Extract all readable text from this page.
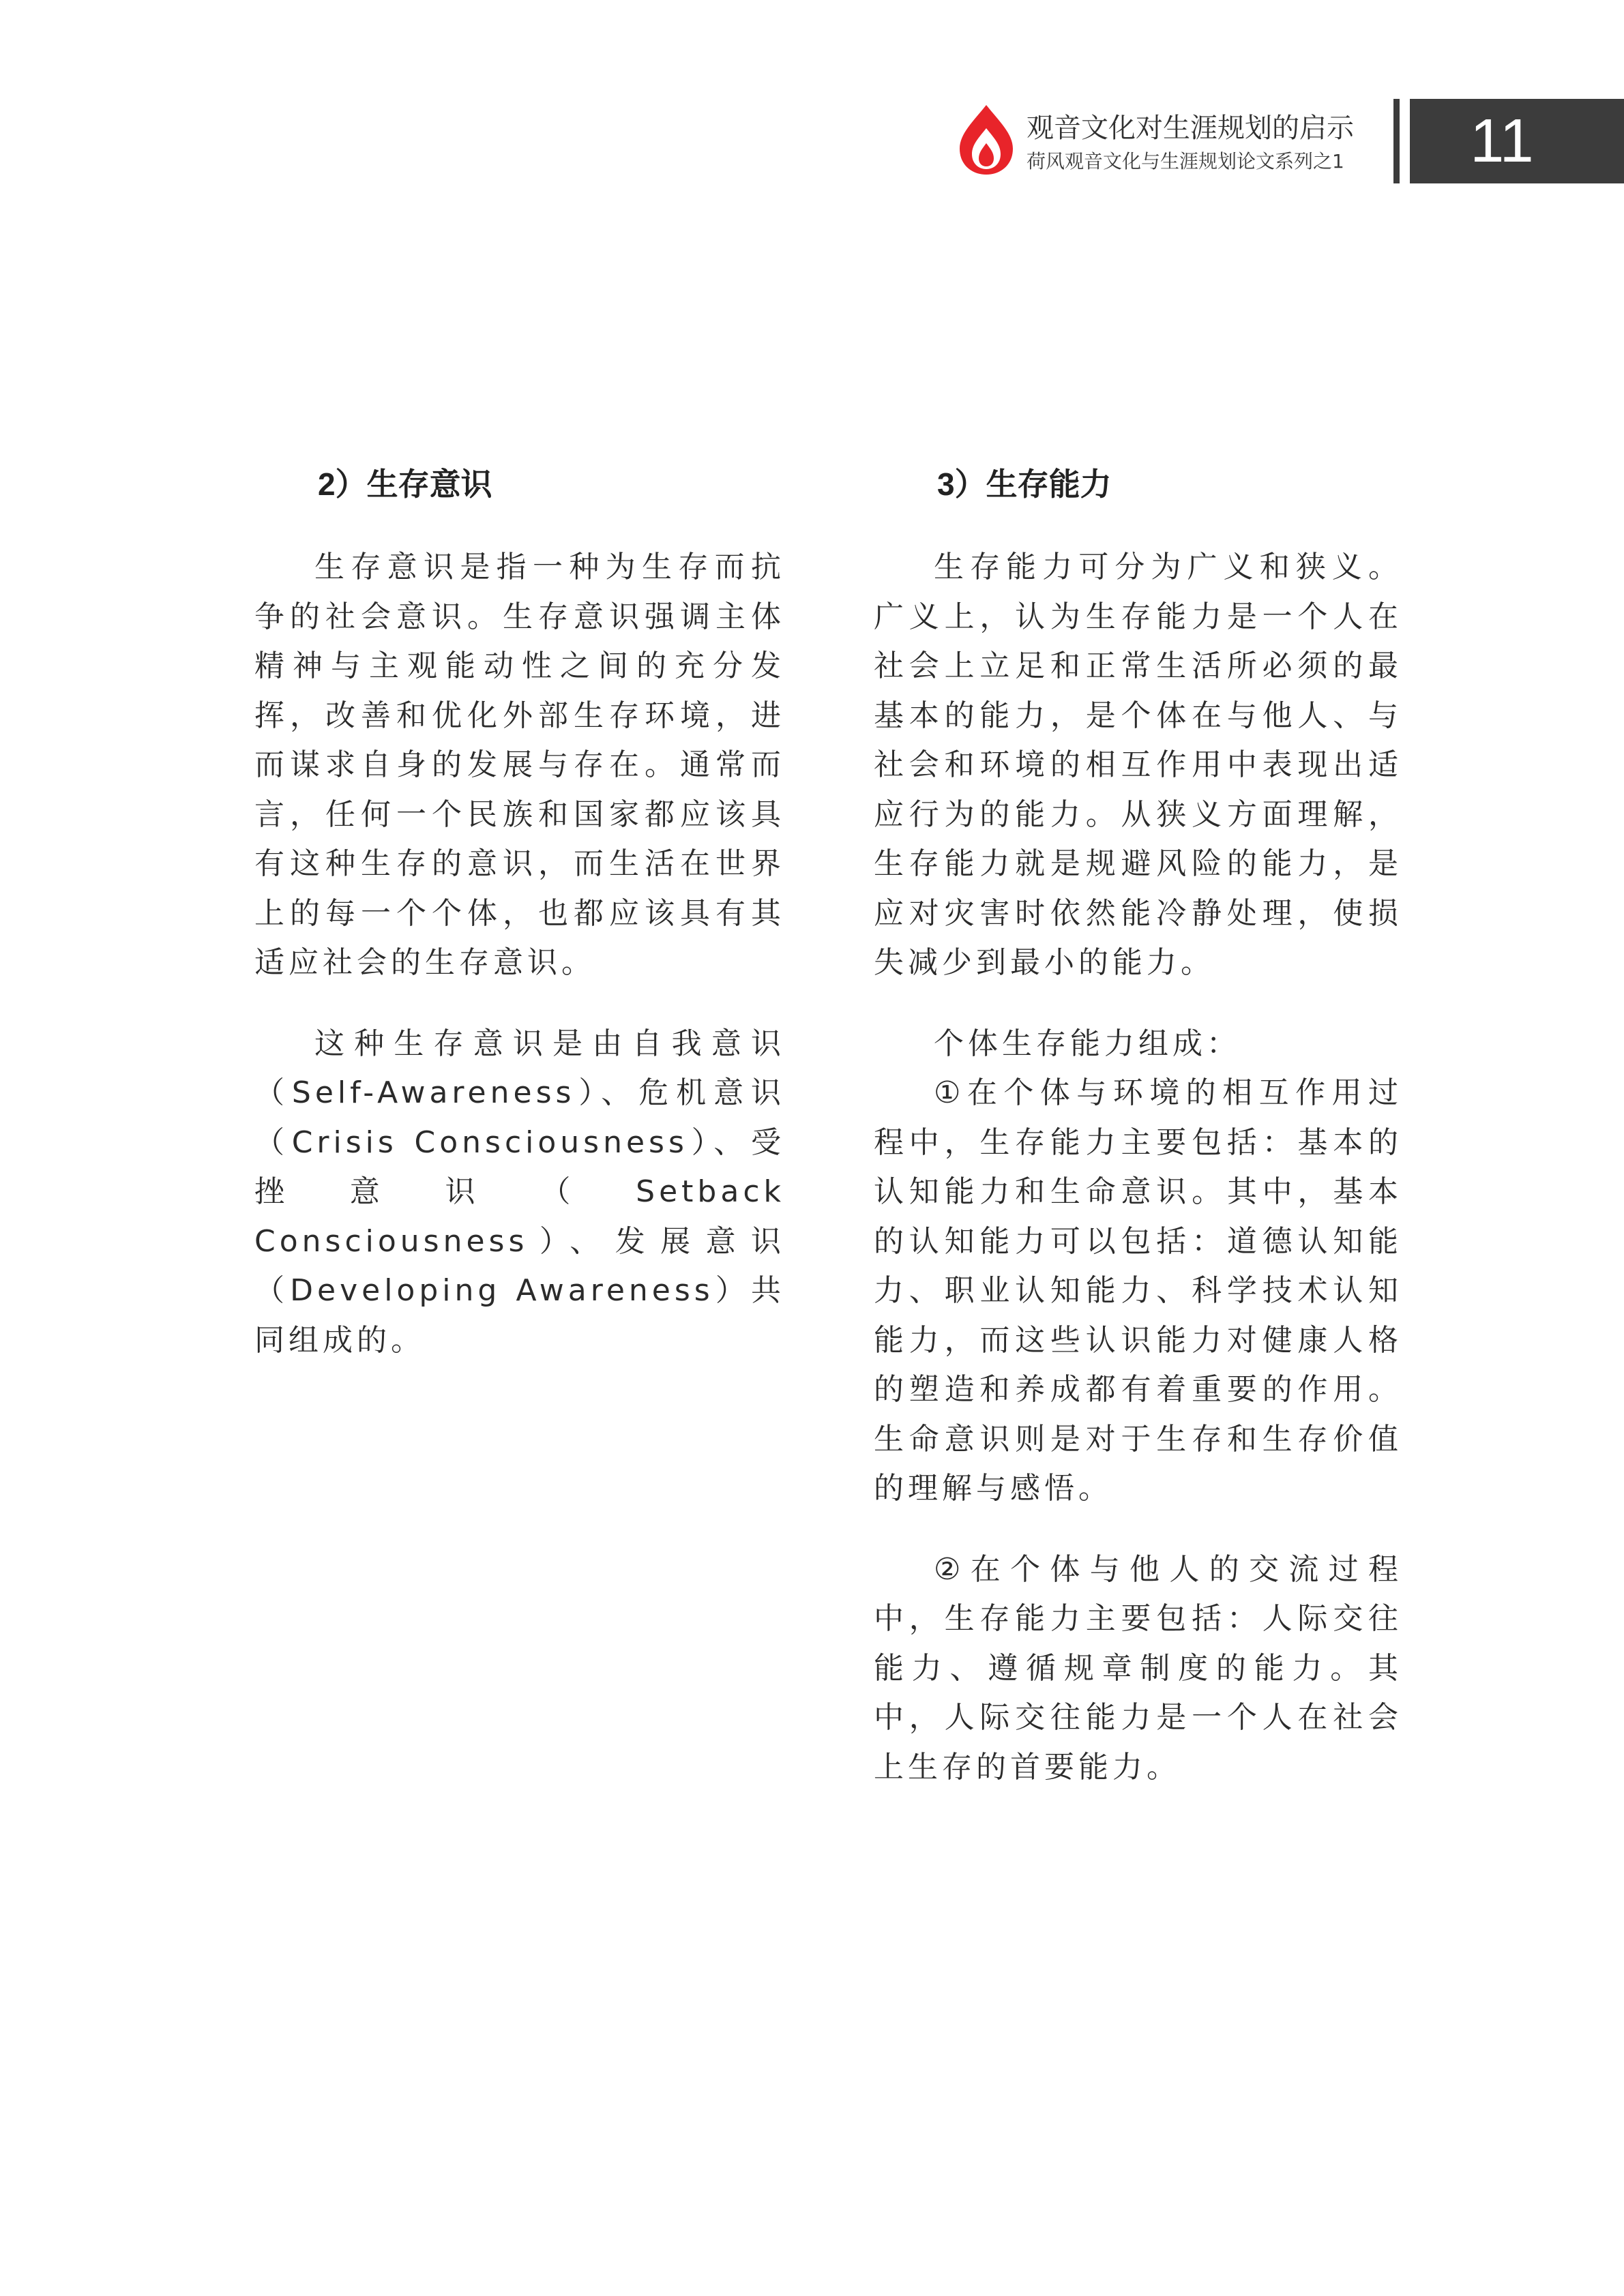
观音文化对生涯规划的启示
荷风观音文化与生涯规划论文系列之1	11
2）生存意识

生存意识是指一种为生存而抗争的社会意识。生存意识强调主体精神与主观能动性之间的充分发挥，改善和优化外部生存环境，进而谋求自身的发展与存在。通常而言，任何一个民族和国家都应该具有这种生存的意识，而生活在世界上的每一个个体，也都应该具有其适应社会的生存意识。

这种生存意识是由自我意识（Self-Awareness）、危机意识（Crisis Consciousness）、受挫意识（Setback Consciousness）、发展意识（Developing Awareness）共同组成的。

3）生存能力

生存能力可分为广义和狭义。广义上，认为生存能力是一个人在社会上立足和正常生活所必须的最基本的能力，是个体在与他人、与社会和环境的相互作用中表现出适应行为的能力。从狭义方面理解，生存能力就是规避风险的能力，是应对灾害时依然能冷静处理，使损失减少到最小的能力。

个体生存能力组成：

①在个体与环境的相互作用过程中，生存能力主要包括：基本的认知能力和生命意识。其中，基本的认知能力可以包括：道德认知能力、职业认知能力、科学技术认知能力，而这些认识能力对健康人格的塑造和养成都有着重要的作用。生命意识则是对于生存和生存价值的理解与感悟。

②在个体与他人的交流过程中，生存能力主要包括：人际交往能力、遵循规章制度的能力。其中，人际交往能力是一个人在社会上生存的首要能力。
